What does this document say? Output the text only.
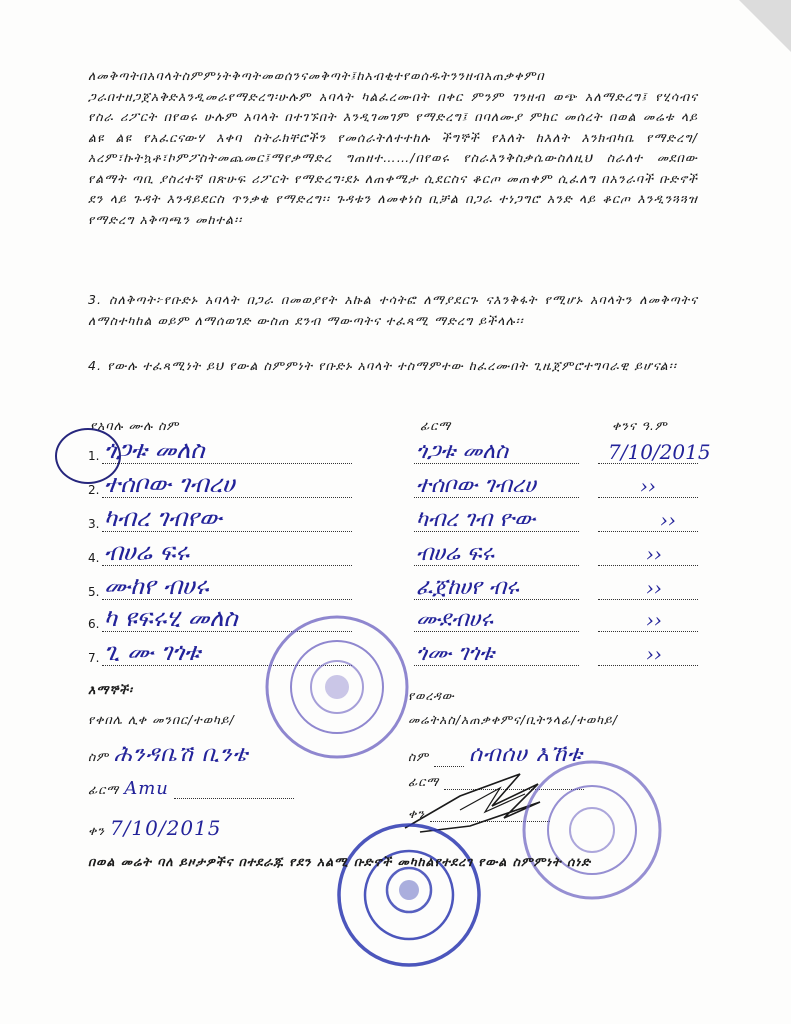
ለመቅጣትበአባላትስምምነትቅጣትመወሰንናመቅጣት፤ከአብቂተየወሰዱትንንዘብአጠቃቀምበ ጋራበተዘጋጀአቅድእንዲመራየማድረግ፡ሁሉም አባላት ካልፈረሙበት በቀር ምንም ገንዘብ ወጭ አለማድረግ፤ የሂሳብና የስራ ሪፖርት በየወሩ ሁሉም አባላት በተገኙበት እንዲገመገም የማድረግ፤ በባለሙያ ምክር መሰረት በወል መሬቱ ላይ ልዩ ልዩ የአፈርናውሃ እቀባ ስትራክቸሮችን የመሰራትለተተከሉ ችግኞች የእለት ከእለት እንክብካቤ የማድረግ/አረም፣ኩትኳቶ፣ኮምፖስትመጨመር፤ማየቃማድረ ግጠዘተ……/በየወሩ የስራእንቅስቃሴውስለዚህ ስራለተ መደበው የልማት ጣቢ ያስረተኛ በጽሁፍ ሪፖርት የማድረግ፡ደኑ ለጠቀሜታ ሲደርስና ቆርጦ መጠቀም ሲፈለግ በአንራባች ቡድኖች ደን ላይ ጉዳት እንዳይደርስ ጥንቃቄ የማድረግ፡፡ ጉዳቱን ለመቀነስ ቢቻል በጋራ ተነጋግሮ አንድ ላይ ቆርጦ እንዲንጓጓዝ የማድረግ አቅጣጫን መከተል፡፡
3. ስለቅጣት፦የቡድኑ አባላት በጋራ በመወያየት አኩል ተሳትፎ ለማያደርጉ ናእንቅፋት የሚሆኑ አባላትን ለመቅጣትና ለማስተካከል ወይም ለማሰወገድ ውስጠ ደንብ ማውጣትና ተፈጻሚ ማድረግ ይችላሉ፡፡
4. የውሉ ተፈጻሚነት ይህ የውል ስምምነት የቡድኑ አባላት ተስማምተው ከፈረሙበት ጊዜጀምሮተግባራዊ ይሆናል፡፡
የአባሉ ሙሉ ስም	ፊርማ	ቀንና ዓ.ም
1. ጎጋቱ መለስ	ጎጋቱ መለስ	7/10/2015
2. ተሰቦው ገብረሀ	ተሰቦው ገብረሀ	››
3. ካብረ ገብየው	ካብረ ገብ ዮው	››
4. ብሀሬ ፍሩ	ብሀሬ ፍሩ	››
5. ሙከየ ብሀሩ	ፈጀከሀየ ብሩ	››
6. ካ ዩፍሩሂ መለስ	ሙደብሀሩ	››
7. ጊ ሙ ገጎቱ	ጎሙ ገጎቱ	››
እማኞች፡
የቀበሌ ሊቀ መንበር/ተወካይ/
ስም ሕንዳቤሽ ቢንቴ
ፊርማ Amu
ቀን 7/10/2015
የወረዳው
መሬትአስ/አጠቃቀምና/ቢትንላፊ/ተወካይ/
ስም ሰብሰሀ እኸቱ
ፊርማ
ቀን
በወል መሬት ባለ ይዞታዎችና በተደራጁ የደን አልሚ ቡድኖች መካከልየተደረገ የውል ስምምነት ሰነድ
